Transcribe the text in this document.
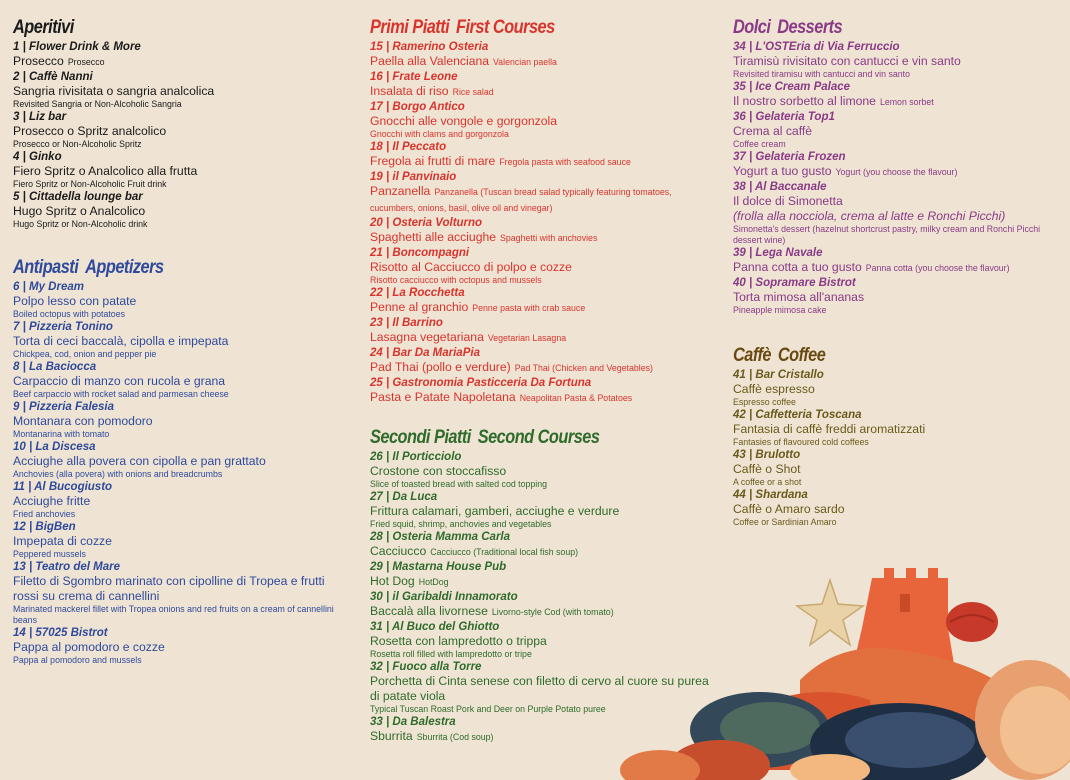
Aperitivi
1 | Flower Drink & More
Prosecco Prosecco
2 | Caffè Nanni
Sangria rivisitata o sangria analcolica
Revisited Sangria or Non-Alcoholic Sangria
3 | Liz bar
Prosecco o Spritz analcolico
Prosecco or Non-Alcoholic Spritz
4 | Ginko
Fiero Spritz o Analcolico alla frutta
Fiero Spritz or Non-Alcoholic Fruit drink
5 | Cittadella lounge bar
Hugo Spritz o Analcolico
Hugo Spritz or Non-Alcoholic drink
Antipasti Appetizers
6 | My Dream
Polpo lesso con patate
Boiled octopus with potatoes
7 | Pizzeria Tonino
Torta di ceci baccalà, cipolla e impepata
Chickpea, cod, onion and pepper pie
8 | La Baciocca
Carpaccio di manzo con rucola e grana
Beef carpaccio with rocket salad and parmesan cheese
9 | Pizzeria Falesia
Montanara con pomodoro
Montanarina with tomato
10 | La Discesa
Acciughe alla povera con cipolla e pan grattato
Anchovies (alla povera) with onions and breadcrumbs
11 | Al Bucogiusto
Acciughe fritte
Fried anchovies
12 | BigBen
Impepata di cozze
Peppered mussels
13 | Teatro del Mare
Filetto di Sgombro marinato con cipolline di Tropea e frutti rossi su crema di cannellini
Marinated mackerel fillet with Tropea onions and red fruits on a cream of cannellini beans
14 | 57025 Bistrot
Pappa al pomodoro e cozze
Pappa al pomodoro and mussels
Primi Piatti First Courses
15 | Ramerino Osteria
Paella alla Valenciana Valencian paella
16 | Frate Leone
Insalata di riso Rice salad
17 | Borgo Antico
Gnocchi alle vongole e gorgonzola
Gnocchi with clams and gorgonzola
18 | Il Peccato
Fregola ai frutti di mare Fregola pasta with seafood sauce
19 | il Panvinaio
Panzanella Panzanella (Tuscan bread salad typically featuring tomatoes, cucumbers, onions, basil, olive oil and vinegar)
20 | Osteria Volturno
Spaghetti alle acciughe Spaghetti with anchovies
21 | Boncompagni
Risotto al Cacciucco di polpo e cozze
Risotto cacciucco with octopus and mussels
22 | La Rocchetta
Penne al granchio Penne pasta with crab sauce
23 | Il Barrino
Lasagna vegetariana Vegetarian Lasagna
24 | Bar Da MariaPia
Pad Thai (pollo e verdure) Pad Thai (Chicken and Vegetables)
25 | Gastronomia Pasticceria Da Fortuna
Pasta e Patate Napoletana Neapolitan Pasta & Potatoes
Secondi Piatti Second Courses
26 | Il Porticciolo
Crostone con stoccafisso
Slice of toasted bread with salted cod topping
27 | Da Luca
Frittura calamari, gamberi, acciughe e verdure
Fried squid, shrimp, anchovies and vegetables
28 | Osteria Mamma Carla
Cacciucco Cacciucco (Traditional local fish soup)
29 | Mastarna House Pub
Hot Dog HotDog
30 | il Garibaldi Innamorato
Baccalà alla livornese Livorno-style Cod (with tomato)
31 | Al Buco del Ghiotto
Rosetta con lampredotto o trippa
Rosetta roll filled with lampredotto or tripe
32 | Fuoco alla Torre
Porchetta di Cinta senese con filetto di cervo al cuore su purea di patate viola
Typical Tuscan Roast Pork and Deer on Purple Potato puree
33 | Da Balestra
Sburrita Sburrita (Cod soup)
Dolci Desserts
34 | L'OSTEria di Via Ferruccio
Tiramisù rivisitato con cantucci e vin santo
Revisited tiramisu with cantucci and vin santo
35 | Ice Cream Palace
Il nostro sorbetto al limone Lemon sorbet
36 | Gelateria Top1
Crema al caffè
Coffee cream
37 | Gelateria Frozen
Yogurt a tuo gusto Yogurt (you choose the flavour)
38 | Al Baccanale
Il dolce di Simonetta
(frolla alla nocciola, crema al latte e Ronchi Picchi)
Simonetta's dessert (hazelnut shortcrust pastry, milky cream and Ronchi Picchi dessert wine)
39 | Lega Navale
Panna cotta a tuo gusto Panna cotta (you choose the flavour)
40 | Sopramare Bistrot
Torta mimosa all'ananas
Pineapple mimosa cake
Caffè Coffee
41 | Bar Cristallo
Caffè espresso
Espresso coffee
42 | Caffetteria Toscana
Fantasia di caffè freddi aromatizzati
Fantasies of flavoured cold coffees
43 | Brulotto
Caffè o Shot
A coffee or a shot
44 | Shardana
Caffè o Amaro sardo
Coffee or Sardinian Amaro
